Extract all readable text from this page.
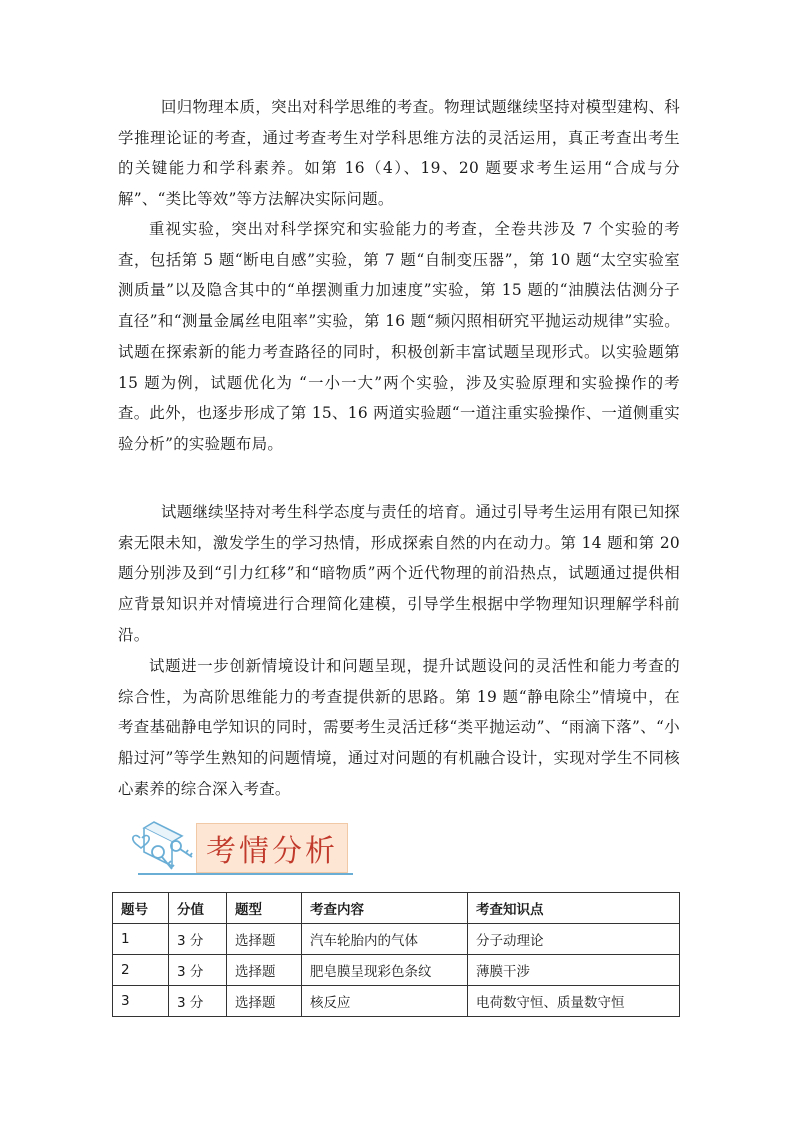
回归物理本质，突出对科学思维的考查。物理试题继续坚持对模型建构、科学推理论证的考查，通过考查考生对学科思维方法的灵活运用，真正考查出考生的关键能力和学科素养。如第 16（4）、19、20 题要求考生运用“合成与分解”、“类比等效”等方法解决实际问题。

重视实验，突出对科学探究和实验能力的考查，全卷共涉及 7 个实验的考查，包括第 5 题“断电自感”实验，第 7 题“自制变压器”，第 10 题“太空实验室测质量”以及隐含其中的“单摆测重力加速度”实验，第 15 题的“油膜法估测分子直径”和“测量金属丝电阻率”实验，第 16 题“频闪照相研究平抛运动规律”实验。试题在探索新的能力考查路径的同时，积极创新丰富试题呈现形式。以实验题第 15 题为例，试题优化为 “一小一大”两个实验，涉及实验原理和实验操作的考查。此外，也逐步形成了第 15、16 两道实验题“一道注重实验操作、一道侧重实验分析”的实验题布局。

试题继续坚持对考生科学态度与责任的培育。通过引导考生运用有限已知探索无限未知，激发学生的学习热情，形成探索自然的内在动力。第 14 题和第 20 题分别涉及到“引力红移”和“暗物质”两个近代物理的前沿热点，试题通过提供相应背景知识并对情境进行合理简化建模，引导学生根据中学物理知识理解学科前沿。

试题进一步创新情境设计和问题呈现，提升试题设问的灵活性和能力考查的综合性，为高阶思维能力的考查提供新的思路。第 19 题“静电除尘”情境中，在考查基础静电学知识的同时，需要考生灵活迁移“类平抛运动”、“雨滴下落”、“小船过河”等学生熟知的问题情境，通过对问题的有机融合设计，实现对学生不同核心素养的综合深入考查。

考情分析
题号	分值	题型	考查内容	考查知识点
1	3 分	选择题	汽车轮胎内的气体	分子动理论
2	3 分	选择题	肥皂膜呈现彩色条纹	薄膜干涉
3	3 分	选择题	核反应	电荷数守恒、质量数守恒
